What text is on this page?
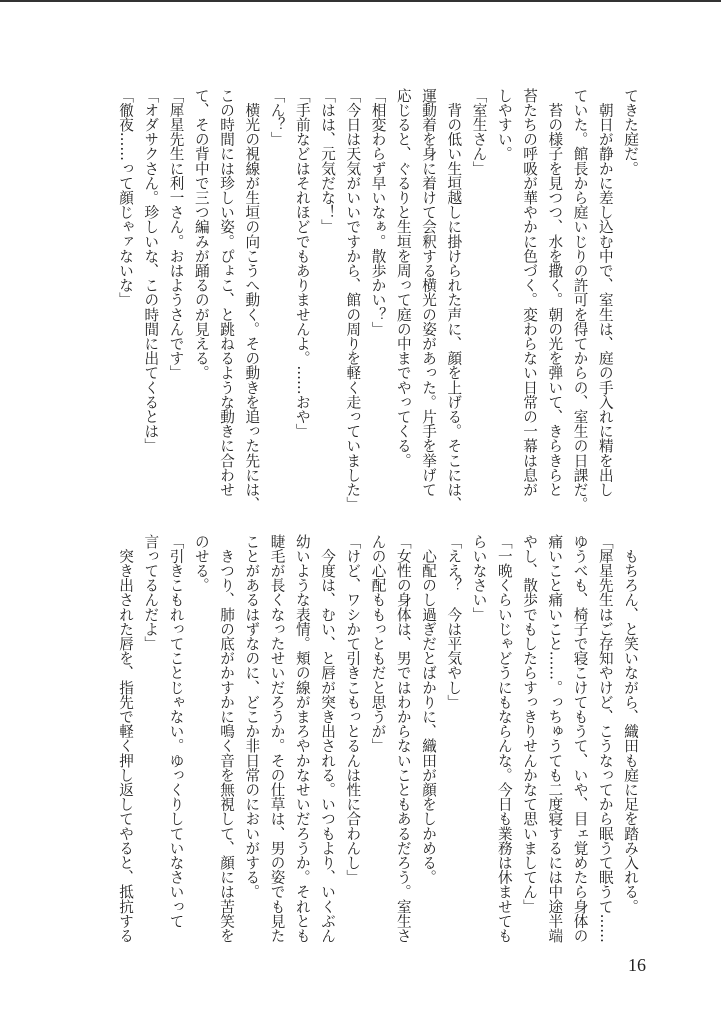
てきた庭だ。
　朝日が静かに差し込む中で、室生は、庭の手入れに精を出し
ていた。館長から庭いじりの許可を得てからの、室生の日課だ。
　苔の様子を見つつ、水を撒く。朝の光を弾いて、きらきらと
苔たちの呼吸が華やかに色づく。変わらない日常の一幕は息が
しやすい。
「室生さん」
　背の低い生垣越しに掛けられた声に、顔を上げる。そこには、
運動着を身に着けて会釈する横光の姿があった。片手を挙げて
応じると、ぐるりと生垣を周って庭の中までやってくる。
「相変わらず早いなぁ。散歩かい？」
「今日は天気がいいですから、館の周りを軽く走っていました」
「はは、元気だな！」
「手前などはそれほどでもありませんよ。……おや」
「ん？」
　横光の視線が生垣の向こうへ動く。その動きを追った先には、
この時間には珍しい姿。ぴょこ、と跳ねるような動きに合わせ
て、その背中で三つ編みが踊るのが見える。
「犀星先生に利一さん。おはようさんです」
「オダサクさん。珍しいな、この時間に出てくるとは」
「徹夜……って顔じゃァないな」
　もちろん、と笑いながら、織田も庭に足を踏み入れる。
「犀星先生はご存知やけど、こうなってから眠うて眠うて……
ゆうべも、椅子で寝こけてもうて、いや、目ェ覚めたら身体の
痛いこと痛いこと……。っちゅうても二度寝するには中途半端
やし、散歩でもしたらすっきりせんかなて思いましてん」
「一晩くらいじゃどうにもならんな。今日も業務は休ませても
らいなさい」
「ええ？　今は平気やし」
　心配のし過ぎだとばかりに、織田が顔をしかめる。
「女性の身体は、男ではわからないこともあるだろう。室生さ
んの心配ももっともだと思うが」
「けど、ワシかて引きこもっとるんは性に合わんし」
　今度は、むい、と唇が突き出される。いつもより、いくぶん
幼いような表情。頬の線がまろやかなせいだろうか。それとも
睫毛が長くなったせいだろうか。その仕草は、男の姿でも見た
ことがあるはずなのに、どこか非日常のにおいがする。
　きつり、肺の底がかすかに鳴く音を無視して、顔には苦笑を
のせる。
「引きこもれってことじゃない。ゆっくりしていなさいって
言ってるんだよ」
　突き出された唇を、指先で軽く押し返してやると、抵抗する
16
